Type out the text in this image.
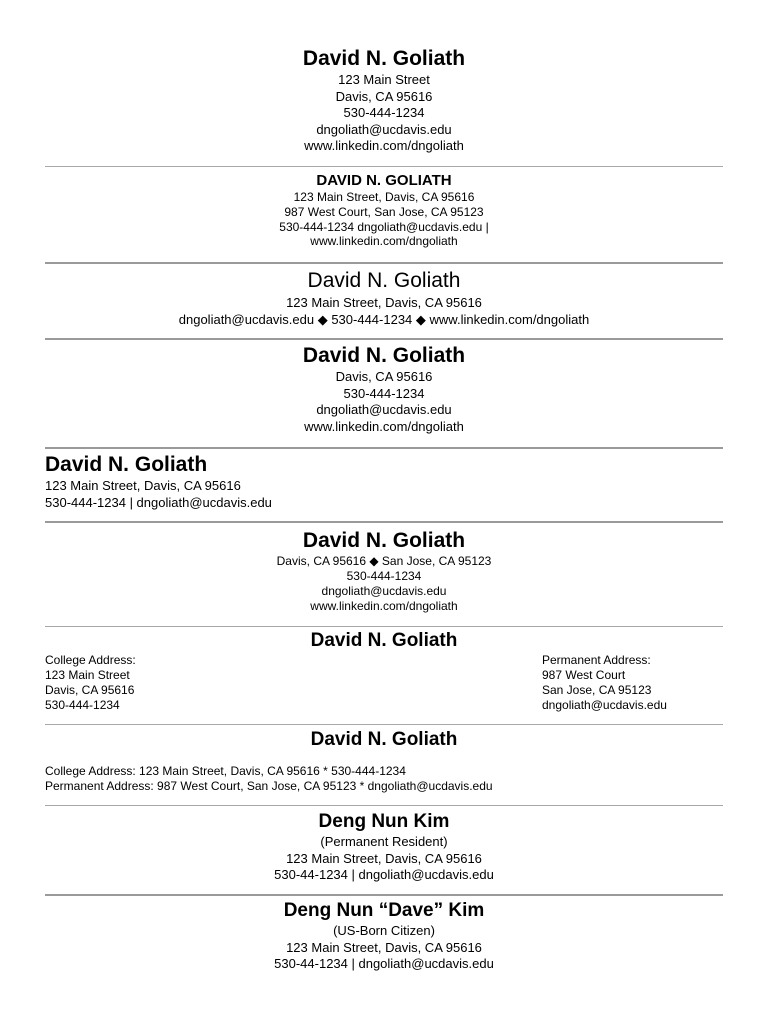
David N. Goliath
123 Main Street
Davis, CA 95616
530-444-1234
dngoliath@ucdavis.edu
www.linkedin.com/dngoliath
DAVID N. GOLIATH
123 Main Street, Davis, CA 95616
987 West Court, San Jose, CA 95123
530-444-1234 dngoliath@ucdavis.edu |
www.linkedin.com/dngoliath
David N. Goliath
123 Main Street, Davis, CA 95616
dngoliath@ucdavis.edu ◆ 530-444-1234 ◆ www.linkedin.com/dngoliath
David N. Goliath
Davis, CA 95616
530-444-1234
dngoliath@ucdavis.edu
www.linkedin.com/dngoliath
David N. Goliath
123 Main Street, Davis, CA 95616
530-444-1234 | dngoliath@ucdavis.edu
David N. Goliath
Davis, CA 95616 ◆ San Jose, CA 95123
530-444-1234
dngoliath@ucdavis.edu
www.linkedin.com/dngoliath
David N. Goliath
College Address:
123 Main Street
Davis, CA 95616
530-444-1234
Permanent Address:
987 West Court
San Jose, CA 95123
dngoliath@ucdavis.edu
David N. Goliath
College Address: 123 Main Street, Davis, CA 95616 * 530-444-1234
Permanent Address: 987 West Court, San Jose, CA 95123 * dngoliath@ucdavis.edu
Deng Nun Kim
(Permanent Resident)
123 Main Street, Davis, CA 95616
530-44-1234 | dngoliath@ucdavis.edu
Deng Nun “Dave” Kim
(US-Born Citizen)
123 Main Street, Davis, CA 95616
530-44-1234 | dngoliath@ucdavis.edu
